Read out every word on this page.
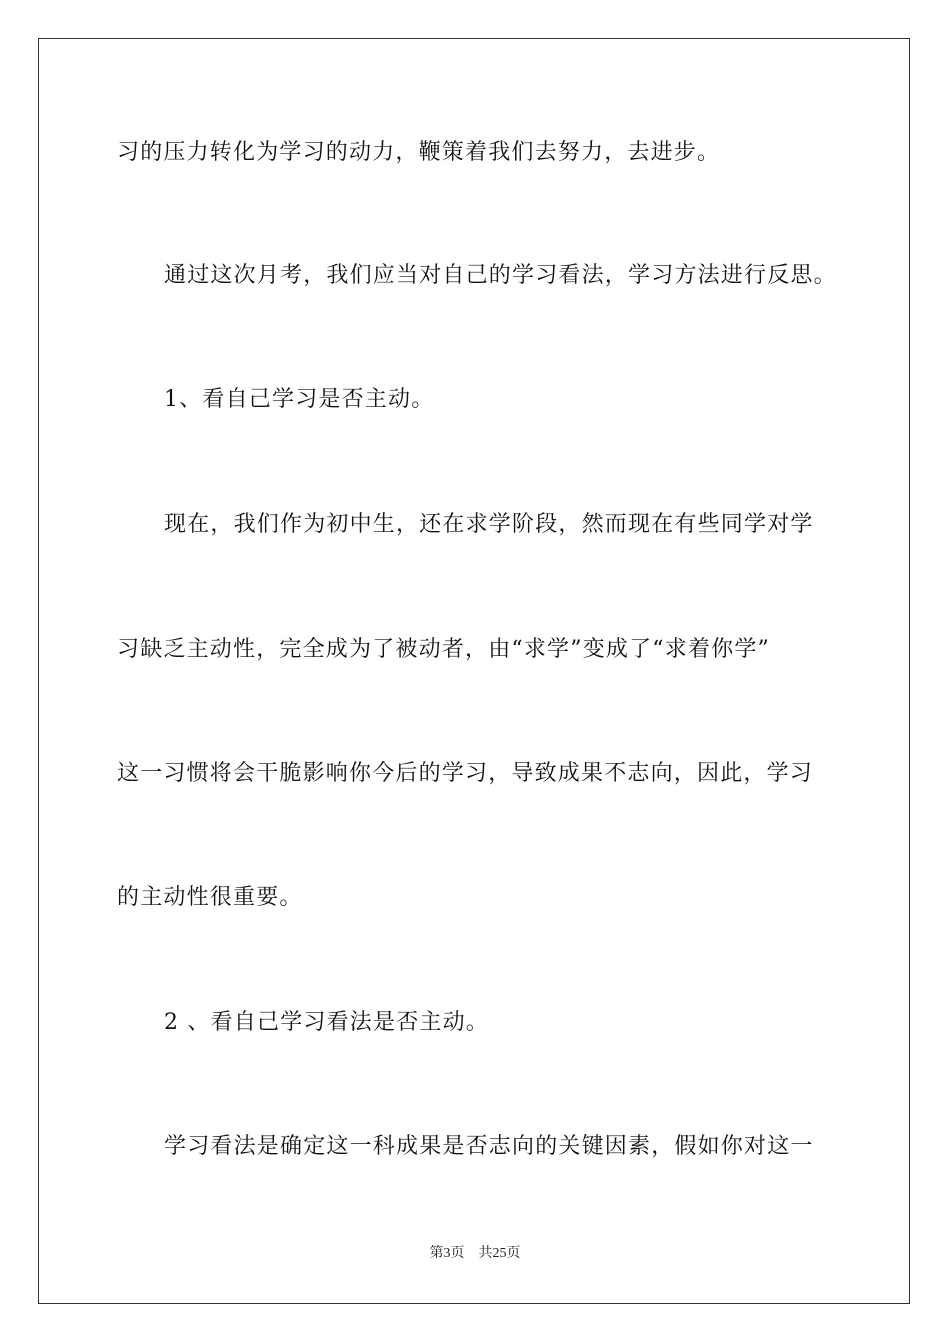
习的压力转化为学习的动力，鞭策着我们去努力，去进步。
通过这次月考，我们应当对自己的学习看法，学习方法进行反思。
1、看自己学习是否主动。
现在，我们作为初中生，还在求学阶段，然而现在有些同学对学
习缺乏主动性，完全成为了被动者，由“求学”变成了“求着你学”
这一习惯将会干脆影响你今后的学习，导致成果不志向，因此，学习
的主动性很重要。
2 、看自己学习看法是否主动。
学习看法是确定这一科成果是否志向的关键因素，假如你对这一
第3页 共25页
